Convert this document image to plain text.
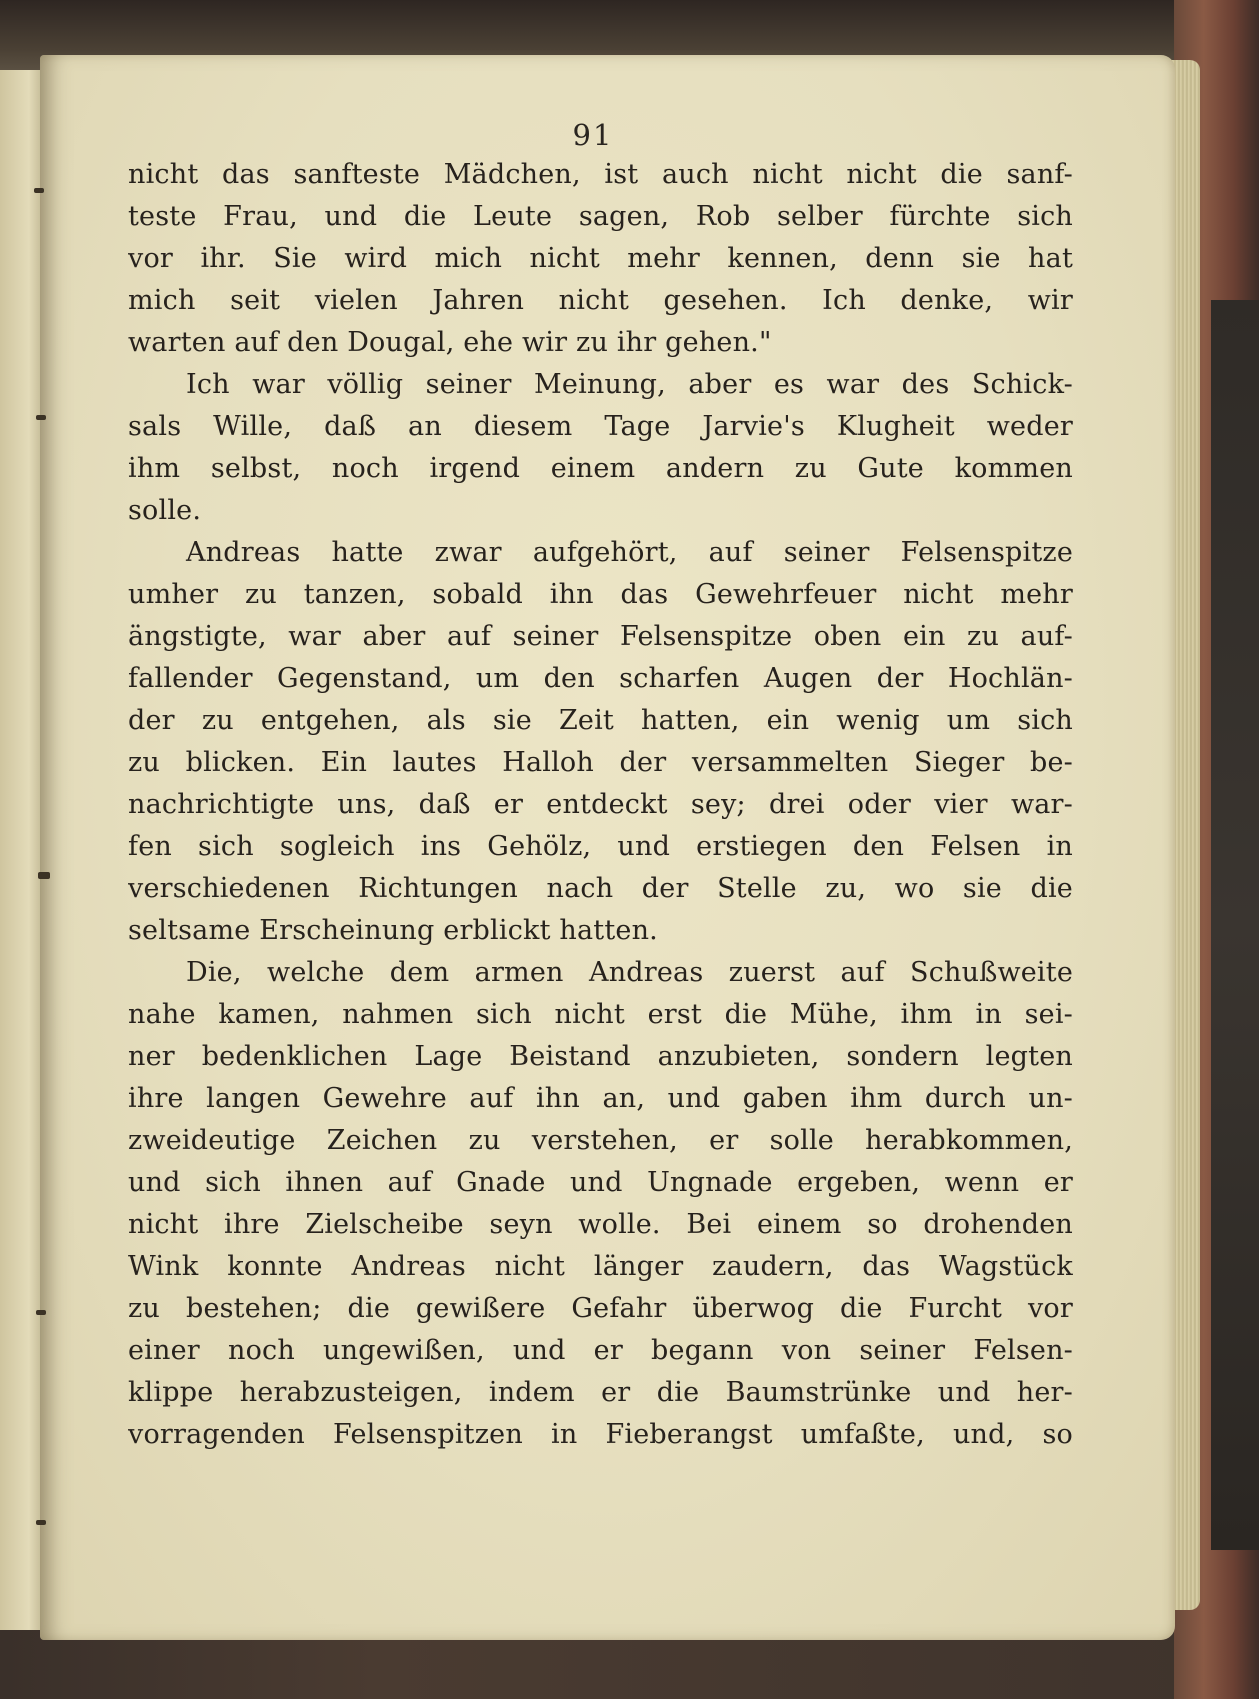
91

nicht das sanfteste Mädchen, ist auch nicht nicht die sanf-

teste Frau, und die Leute sagen, Rob selber fürchte sich

vor ihr. Sie wird mich nicht mehr kennen, denn sie hat

mich seit vielen Jahren nicht gesehen. Ich denke, wir

warten auf den Dougal, ehe wir zu ihr gehen."

Ich war völlig seiner Meinung, aber es war des Schick-

sals Wille, daß an diesem Tage Jarvie's Klugheit weder

ihm selbst, noch irgend einem andern zu Gute kommen

solle.

Andreas hatte zwar aufgehört, auf seiner Felsenspitze

umher zu tanzen, sobald ihn das Gewehrfeuer nicht mehr

ängstigte, war aber auf seiner Felsenspitze oben ein zu auf-

fallender Gegenstand, um den scharfen Augen der Hochlän-

der zu entgehen, als sie Zeit hatten, ein wenig um sich

zu blicken. Ein lautes Halloh der versammelten Sieger be-

nachrichtigte uns, daß er entdeckt sey; drei oder vier war-

fen sich sogleich ins Gehölz, und erstiegen den Felsen in

verschiedenen Richtungen nach der Stelle zu, wo sie die

seltsame Erscheinung erblickt hatten.

Die, welche dem armen Andreas zuerst auf Schußweite

nahe kamen, nahmen sich nicht erst die Mühe, ihm in sei-

ner bedenklichen Lage Beistand anzubieten, sondern legten

ihre langen Gewehre auf ihn an, und gaben ihm durch un-

zweideutige Zeichen zu verstehen, er solle herabkommen,

und sich ihnen auf Gnade und Ungnade ergeben, wenn er

nicht ihre Zielscheibe seyn wolle. Bei einem so drohenden

Wink konnte Andreas nicht länger zaudern, das Wagstück

zu bestehen; die gewißere Gefahr überwog die Furcht vor

einer noch ungewißen, und er begann von seiner Felsen-

klippe herabzusteigen, indem er die Baumstrünke und her-

vorragenden Felsenspitzen in Fieberangst umfaßte, und, so
